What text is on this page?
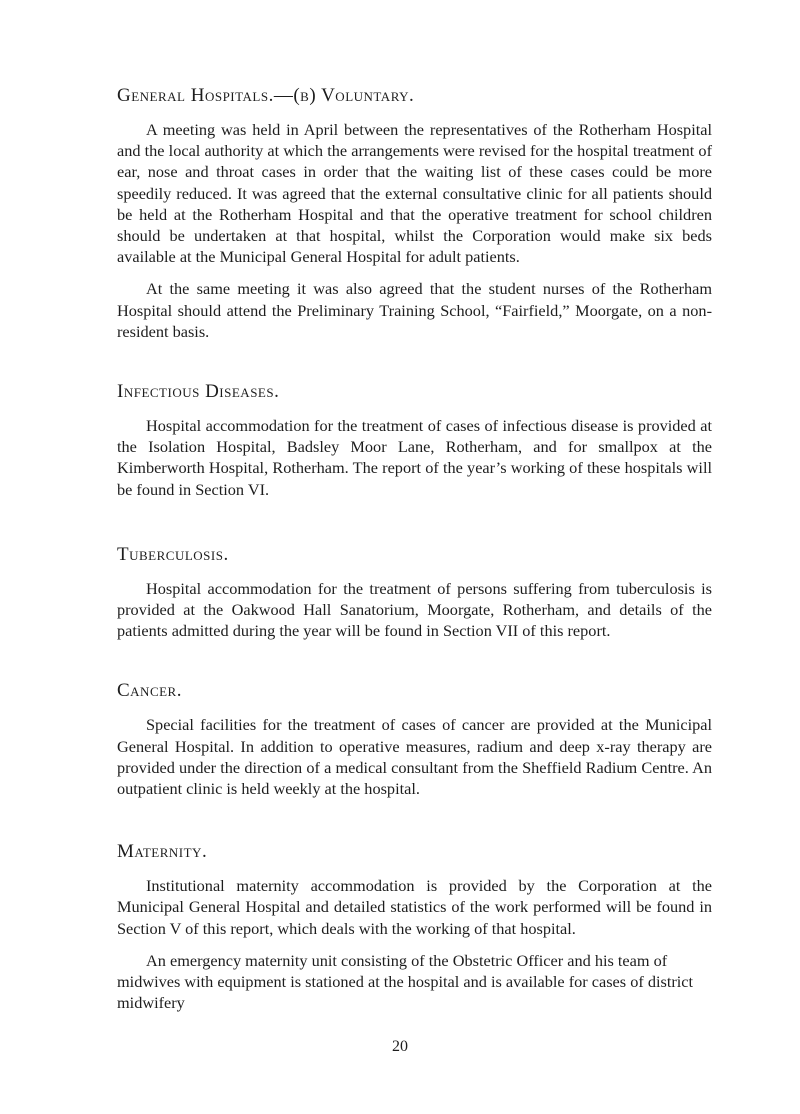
General Hospitals.—(b) Voluntary.

A meeting was held in April between the representatives of the Rotherham Hospital and the local authority at which the arrangements were revised for the hospital treatment of ear, nose and throat cases in order that the waiting list of these cases could be more speedily reduced. It was agreed that the external consultative clinic for all patients should be held at the Rotherham Hospital and that the operative treatment for school children should be undertaken at that hospital, whilst the Corporation would make six beds available at the Municipal General Hospital for adult patients.

At the same meeting it was also agreed that the student nurses of the Rotherham Hospital should attend the Preliminary Training School, “Fairfield,” Moorgate, on a non-resident basis.

Infectious Diseases.

Hospital accommodation for the treatment of cases of infectious disease is provided at the Isolation Hospital, Badsley Moor Lane, Rotherham, and for smallpox at the Kimberworth Hospital, Rotherham. The report of the year’s working of these hospitals will be found in Section VI.

Tuberculosis.

Hospital accommodation for the treatment of persons suffering from tuberculosis is provided at the Oakwood Hall Sanatorium, Moorgate, Rotherham, and details of the patients admitted during the year will be found in Section VII of this report.

Cancer.

Special facilities for the treatment of cases of cancer are provided at the Municipal General Hospital. In addition to operative measures, radium and deep x-ray therapy are provided under the direction of a medical consultant from the Sheffield Radium Centre. An outpatient clinic is held weekly at the hospital.

Maternity.

Institutional maternity accommodation is provided by the Corporation at the Municipal General Hospital and detailed statistics of the work performed will be found in Section V of this report, which deals with the working of that hospital.

An emergency maternity unit consisting of the Obstetric Officer and his team of midwives with equipment is stationed at the hospital and is available for cases of district midwifery

20
